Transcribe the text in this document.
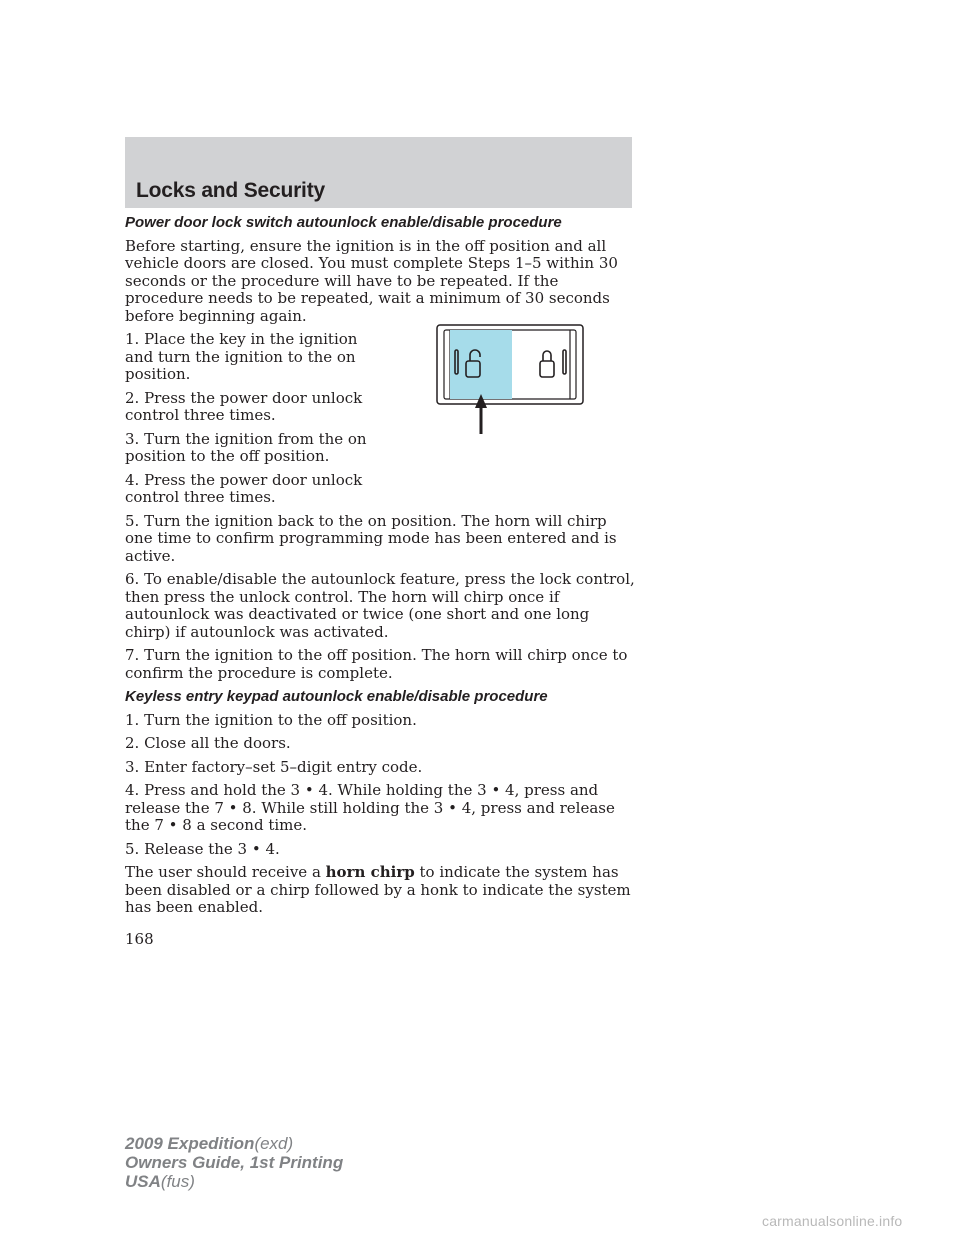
Locks and Security
Power door lock switch autounlock enable/disable procedure

Before starting, ensure the ignition is in the off position and all vehicle doors are closed. You must complete Steps 1–5 within 30 seconds or the procedure will have to be repeated. If the procedure needs to be repeated, wait a minimum of 30 seconds before beginning again.

1. Place the key in the ignition and turn the ignition to the on position.

2. Press the power door unlock control three times.

3. Turn the ignition from the on position to the off position.

4. Press the power door unlock control three times.

5. Turn the ignition back to the on position. The horn will chirp one time to confirm programming mode has been entered and is active.

6. To enable/disable the autounlock feature, press the lock control, then press the unlock control. The horn will chirp once if autounlock was deactivated or twice (one short and one long chirp) if autounlock was activated.

7. Turn the ignition to the off position. The horn will chirp once to confirm the procedure is complete.

Keyless entry keypad autounlock enable/disable procedure

1. Turn the ignition to the off position.

2. Close all the doors.

3. Enter factory–set 5–digit entry code.

4. Press and hold the 3 • 4. While holding the 3 • 4, press and release the 7 • 8. While still holding the 3 • 4, press and release the 7 • 8 a second time.

5. Release the 3 • 4.

The user should receive a horn chirp to indicate the system has been disabled or a chirp followed by a honk to indicate the system has been enabled.

168
2009 Expedition(exd)
Owners Guide, 1st Printing
USA(fus)
carmanualsonline.info
